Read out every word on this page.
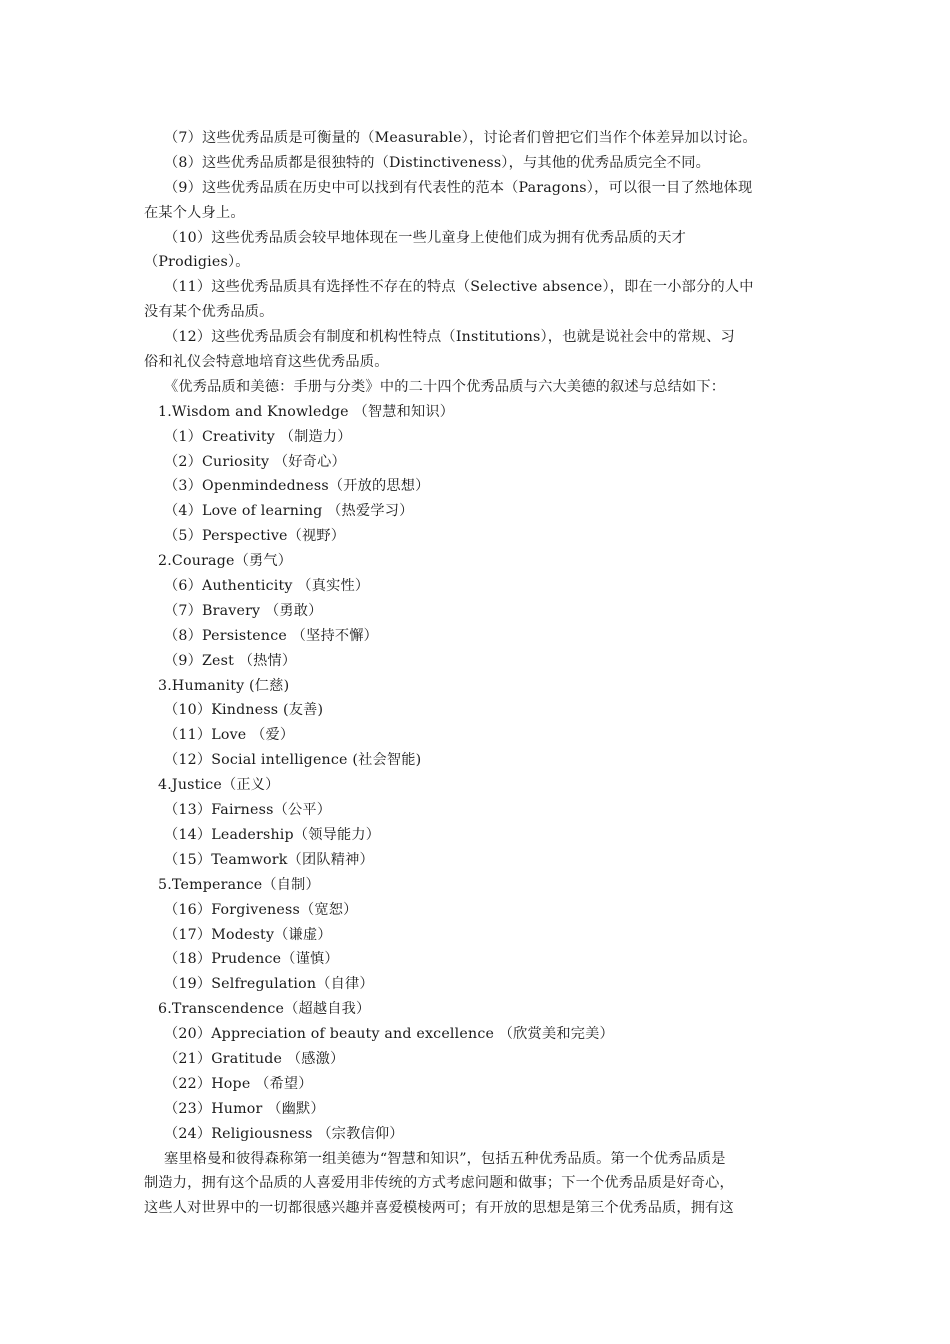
（7）这些优秀品质是可衡量的（Measurable），讨论者们曾把它们当作个体差异加以讨论。
（8）这些优秀品质都是很独特的（Distinctiveness），与其他的优秀品质完全不同。
（9）这些优秀品质在历史中可以找到有代表性的范本（Paragons），可以很一目了然地体现
在某个人身上。
（10）这些优秀品质会较早地体现在一些儿童身上使他们成为拥有优秀品质的天才
（Prodigies）。
（11）这些优秀品质具有选择性不存在的特点（Selective absence），即在一小部分的人中
没有某个优秀品质。
（12）这些优秀品质会有制度和机构性特点（Institutions），也就是说社会中的常规、习
俗和礼仪会特意地培育这些优秀品质。
《优秀品质和美德：手册与分类》中的二十四个优秀品质与六大美德的叙述与总结如下：
1.Wisdom and Knowledge （智慧和知识）
（1）Creativity （制造力）
（2）Curiosity （好奇心）
（3）Openmindedness（开放的思想）
（4）Love of learning （热爱学习）
（5）Perspective（视野）
2.Courage（勇气）
（6）Authenticity （真实性）
（7）Bravery （勇敢）
（8）Persistence （坚持不懈）
（9）Zest （热情）
3.Humanity (仁慈)
（10）Kindness (友善)
（11）Love （爱）
（12）Social intelligence (社会智能)
4.Justice（正义）
（13）Fairness（公平）
（14）Leadership（领导能力）
（15）Teamwork（团队精神）
5.Temperance（自制）
（16）Forgiveness（宽恕）
（17）Modesty（谦虚）
（18）Prudence（谨慎）
（19）Selfregulation（自律）
6.Transcendence（超越自我）
（20）Appreciation of beauty and excellence （欣赏美和完美）
（21）Gratitude （感激）
（22）Hope （希望）
（23）Humor （幽默）
（24）Religiousness （宗教信仰）
塞里格曼和彼得森称第一组美德为“智慧和知识”，包括五种优秀品质。第一个优秀品质是
制造力，拥有这个品质的人喜爱用非传统的方式考虑问题和做事；下一个优秀品质是好奇心，
这些人对世界中的一切都很感兴趣并喜爱模棱两可；有开放的思想是第三个优秀品质，拥有这
